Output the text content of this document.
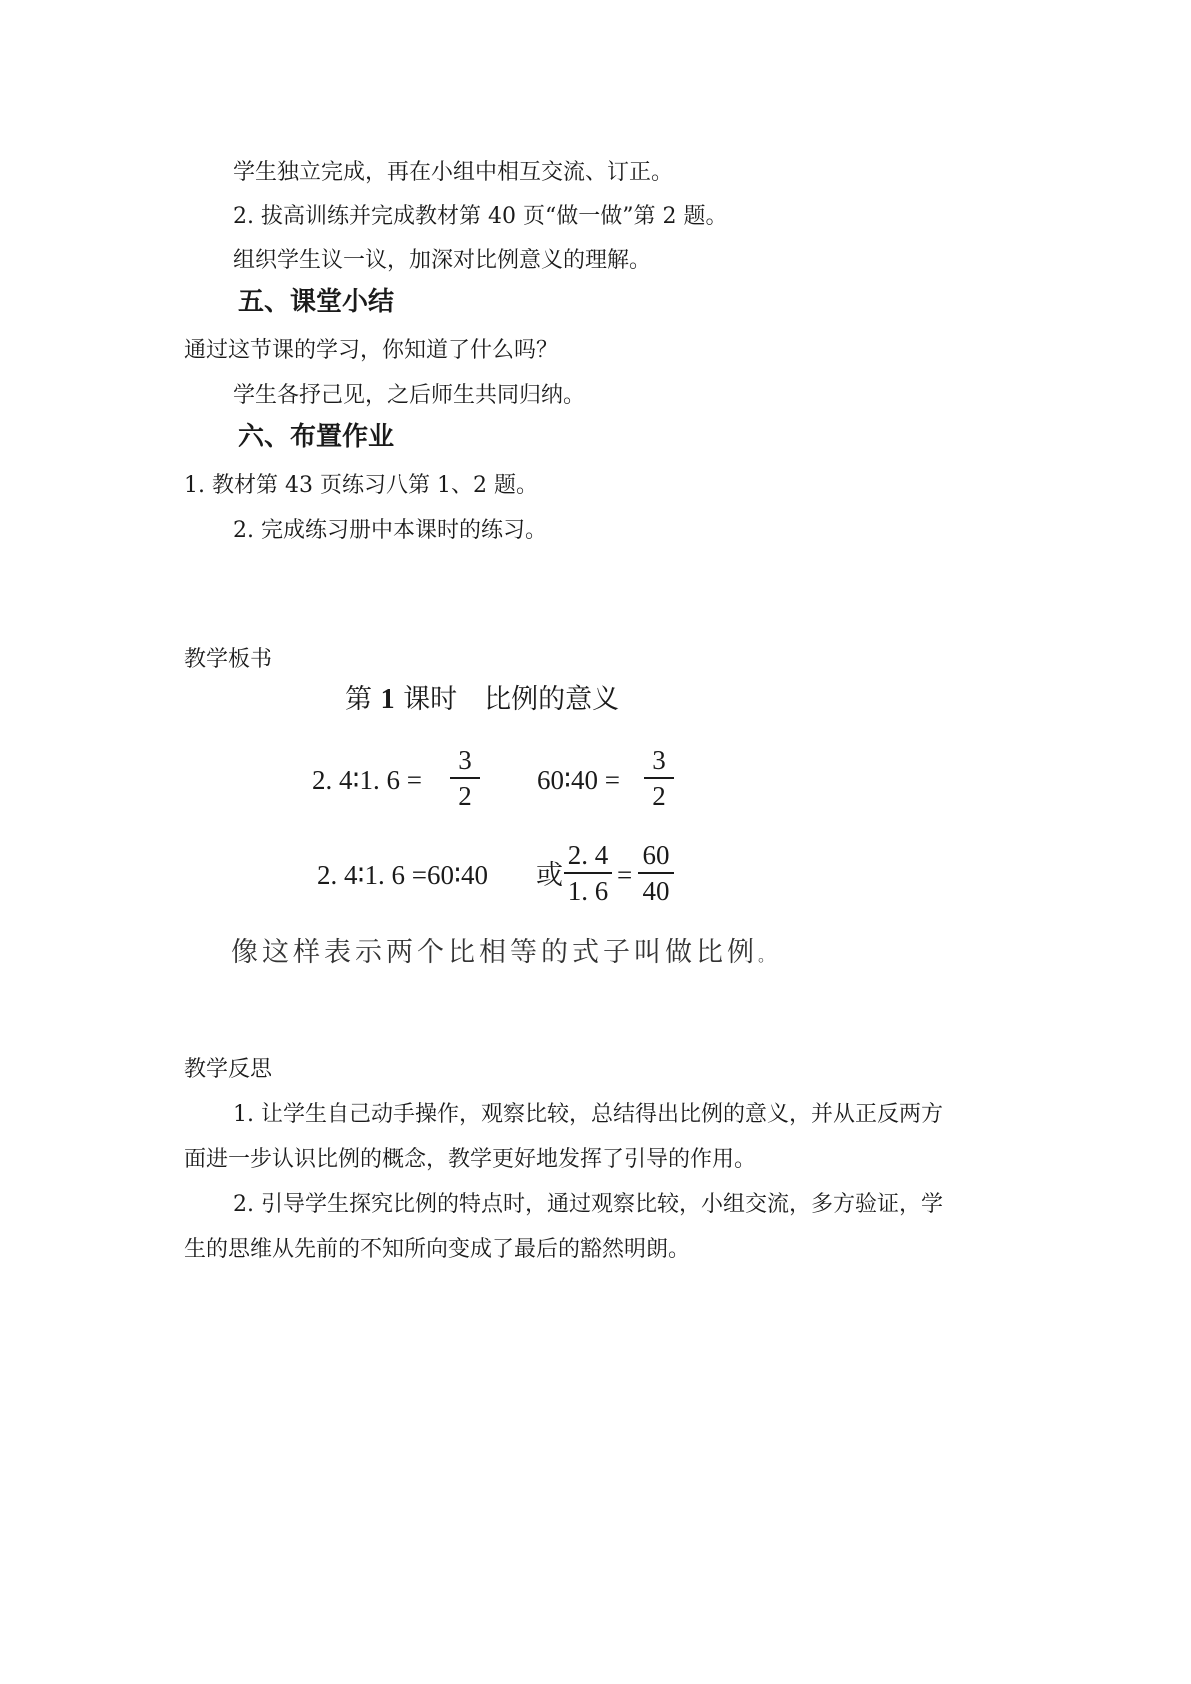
学生独立完成，再在小组中相互交流、订正。
2. 拔高训练并完成教材第 40 页“做一做”第 2 题。
组织学生议一议，加深对比例意义的理解。
五、课堂小结
通过这节课的学习，你知道了什么吗？
学生各抒己见，之后师生共同归纳。
六、布置作业
1. 教材第 43 页练习八第 1、2 题。
2. 完成练习册中本课时的练习。
教学板书
第 1 课时　比例的意义
2. 4∶1. 6 =
3
2
60∶40 =
3
2
2. 4∶1. 6 =60∶40 或
2. 4
1. 6
=
60
40
像这样表示两个比相等的式子叫做比例。
教学反思
1. 让学生自己动手操作，观察比较，总结得出比例的意义，并从正反两方
面进一步认识比例的概念，教学更好地发挥了引导的作用。
2. 引导学生探究比例的特点时，通过观察比较，小组交流，多方验证，学
生的思维从先前的不知所向变成了最后的豁然明朗。
